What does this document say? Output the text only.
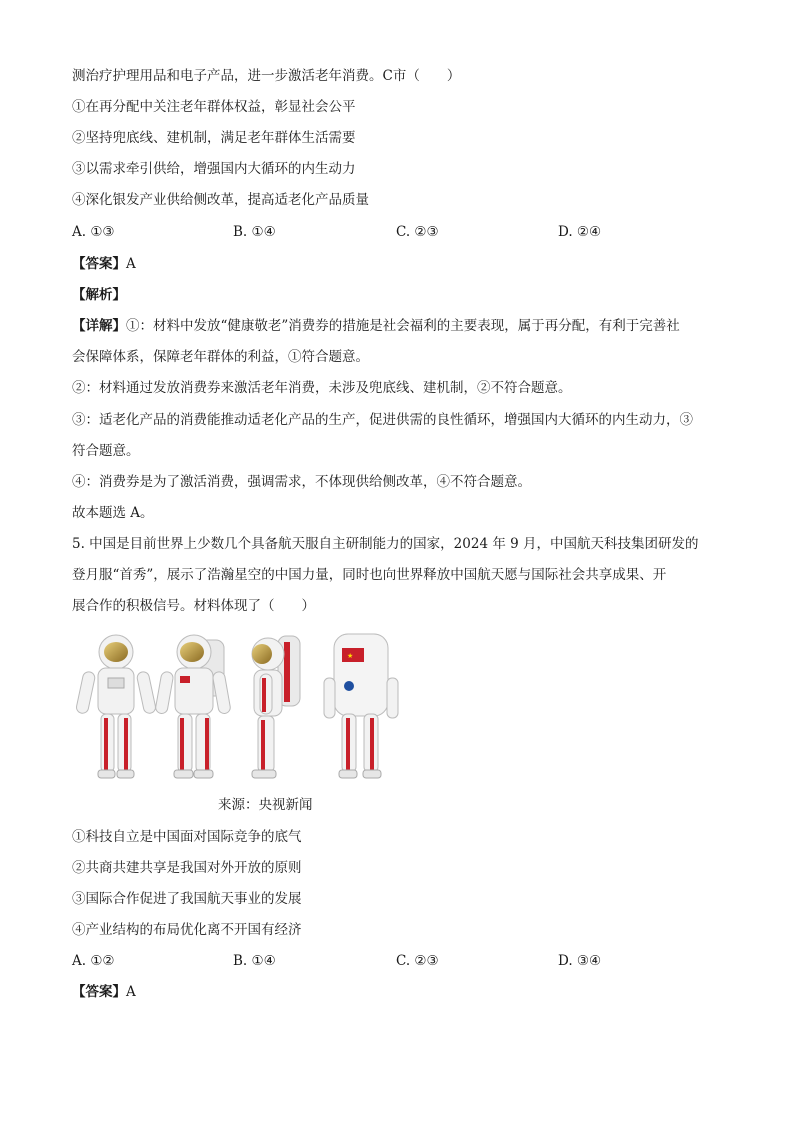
测治疗护理用品和电子产品，进一步激活老年消费。C市（　　）
①在再分配中关注老年群体权益，彰显社会公平
②坚持兜底线、建机制，满足老年群体生活需要
③以需求牵引供给，增强国内大循环的内生动力
④深化银发产业供给侧改革，提高适老化产品质量
A. ①③	B. ①④	C. ②③	D. ②④
【答案】A
【解析】
【详解】①：材料中发放“健康敬老”消费券的措施是社会福利的主要表现，属于再分配，有利于完善社
会保障体系，保障老年群体的利益，①符合题意。
②：材料通过发放消费券来激活老年消费，未涉及兜底线、建机制，②不符合题意。
③：适老化产品的消费能推动适老化产品的生产，促进供需的良性循环，增强国内大循环的内生动力，③
符合题意。
④：消费券是为了激活消费，强调需求，不体现供给侧改革，④不符合题意。
故本题选 A。
5. 中国是目前世界上少数几个具备航天服自主研制能力的国家，2024 年 9 月，中国航天科技集团研发的
登月服“首秀”，展示了浩瀚星空的中国力量，同时也向世界释放中国航天愿与国际社会共享成果、开
展合作的积极信号。材料体现了（　　）
★
来源：央视新闻
①科技自立是中国面对国际竞争的底气
②共商共建共享是我国对外开放的原则
③国际合作促进了我国航天事业的发展
④产业结构的布局优化离不开国有经济
A. ①②	B. ①④	C. ②③	D. ③④
【答案】A
